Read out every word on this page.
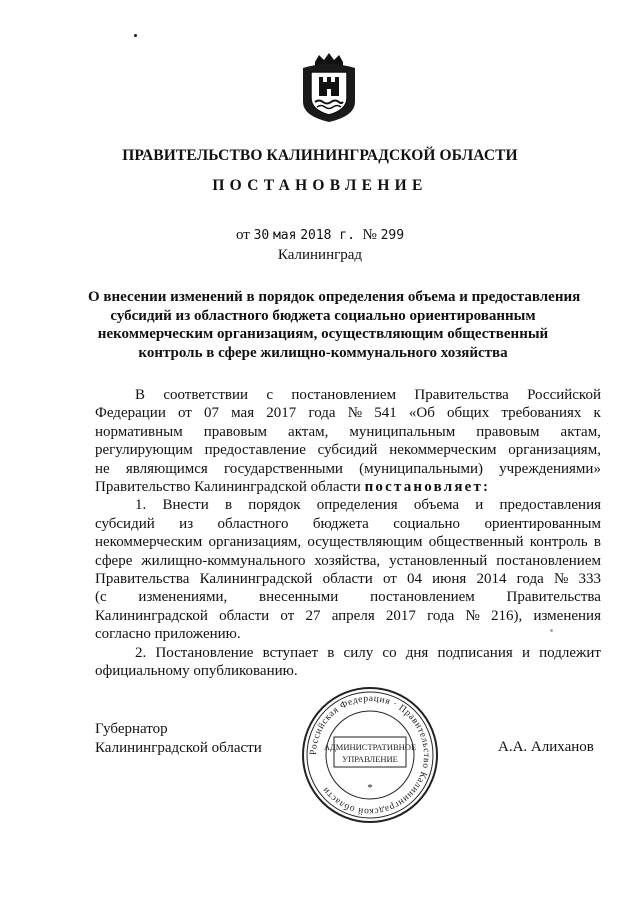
ПРАВИТЕЛЬСТВО КАЛИНИНГРАДСКОЙ ОБЛАСТИ
ПОСТАНОВЛЕНИЕ
от 30 мая 2018 г. № 299
Калининград
О внесении изменений в порядок определения объема и предоставления
субсидий из областного бюджета социально ориентированным
некоммерческим организациям, осуществляющим общественный
контроль в сфере жилищно-коммунального хозяйства
В соответствии с постановлением Правительства Российской
Федерации от 07 мая 2017 года № 541 «Об общих требованиях к
нормативным правовым актам, муниципальным правовым актам,
регулирующим предоставление субсидий некоммерческим организациям,
не являющимся государственными (муниципальными) учреждениями»
Правительство Калининградской области постановляет:
1. Внести в порядок определения объема и предоставления
субсидий из областного бюджета социально ориентированным
некоммерческим организациям, осуществляющим общественный контроль в
сфере жилищно-коммунального хозяйства, установленный постановлением
Правительства Калининградской области от 04 июня 2014 года № 333
(с изменениями, внесенными постановлением Правительства
Калининградской области от 27 апреля 2017 года № 216), изменения
согласно приложению.
2. Постановление вступает в силу со дня подписания и подлежит
официальному опубликованию.
Губернатор
Калининградской области	А.А. Алиханов
Российская Федерация · Правительство Калининградской области
АДМИНИСТРАТИВНОЕ
УПРАВЛЕНИЕ
*
